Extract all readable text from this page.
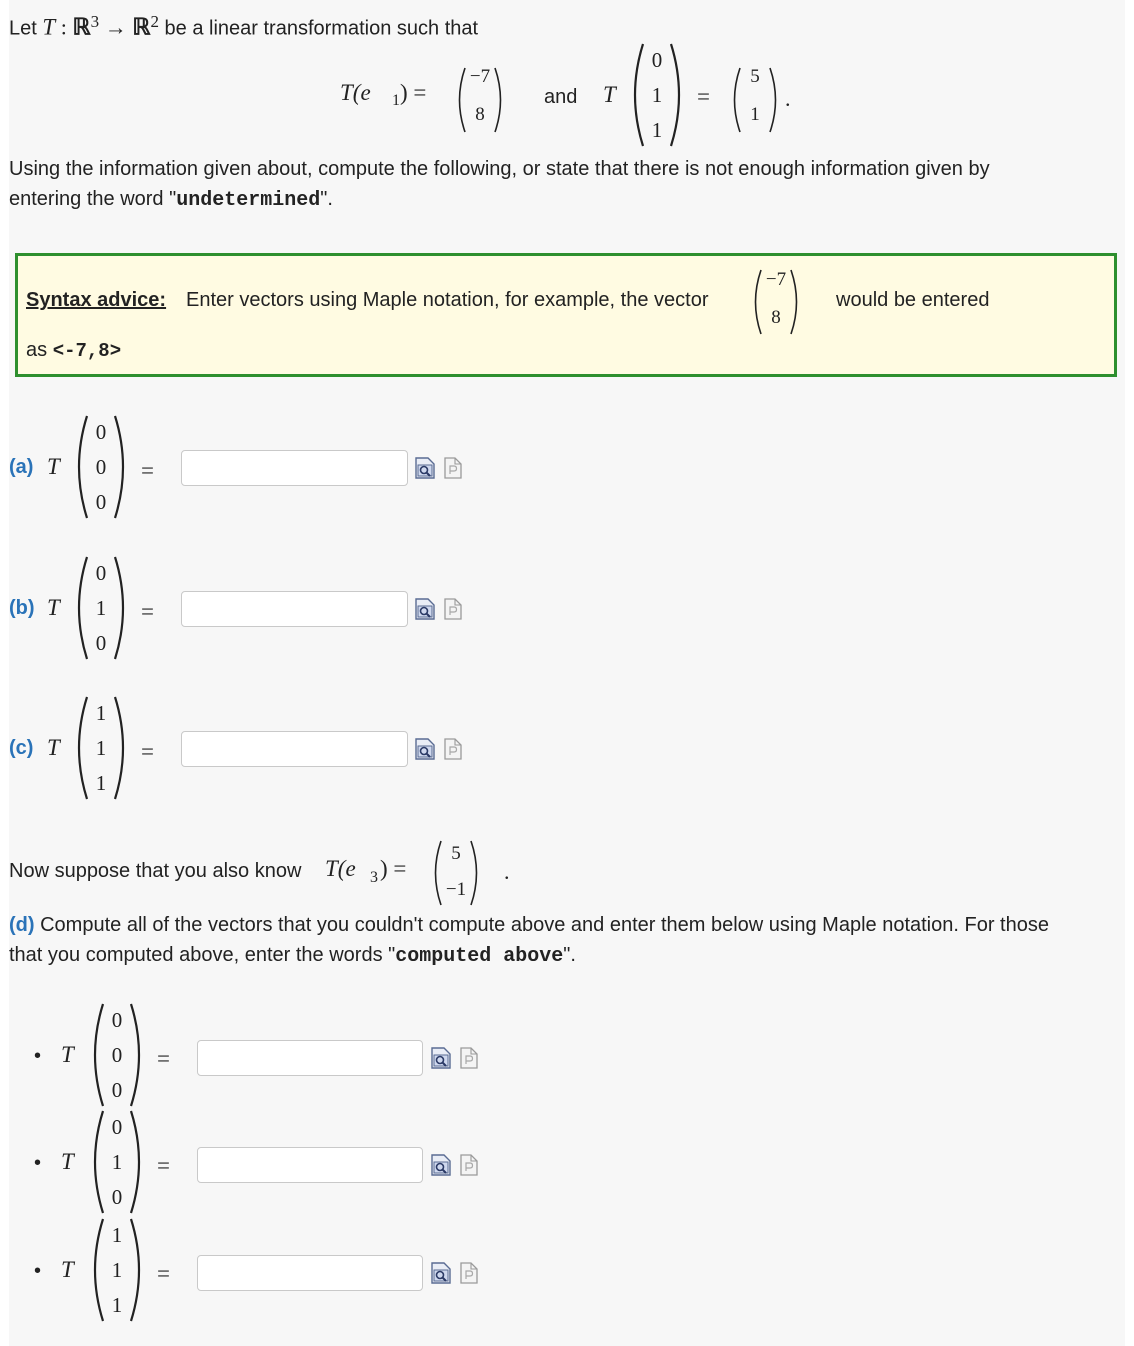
Let T : ℝ$^3$ → ℝ$^2$ be a linear transformation such that
T(e 1 ) =
−7
8
and T
0
1
1
=
5
1
.
Using the information given about, compute the following, or state that there is not enough information given by
entering the word "undetermined".
Syntax advice: Enter vectors using Maple notation, for example, the vector
−7
8
would be entered
as <-7,8>
(a) T
0
0
0
=
(b) T
0
1
0
=
(c) T
1
1
1
=
Now suppose that you also know T(e 3 ) =
5
−1
.
(d) Compute all of the vectors that you couldn't compute above and enter them below using Maple notation. For those
that you computed above, enter the words "computed above".
• T
0
0
0
=
• T
0
1
0
=
• T
1
1
1
=
